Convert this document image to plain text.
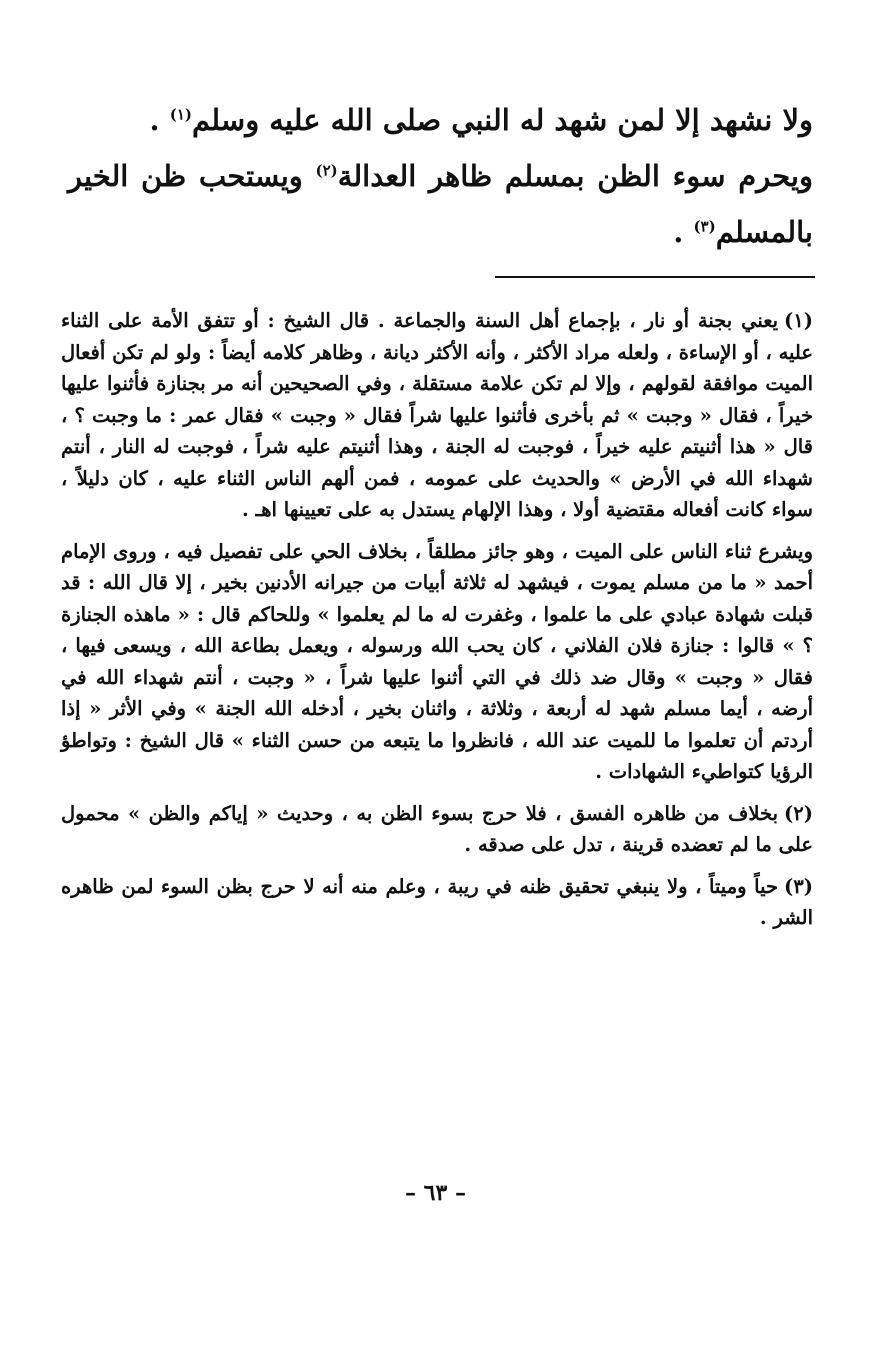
ولا نشهد إلا لمن شهد له النبي صلى الله عليه وسلم$^{(١)}$ .

ويحرم سوء الظن بمسلم ظاهر العدالة$^{(٢)}$ ويستحب ظن الخير بالمسلم$^{(٣)}$ .

(١)يعني بجنة أو نار ، بإجماع أهل السنة والجماعة . قال الشيخ : أو تتفق الأمة على الثناء عليه ، أو الإساءة ، ولعله مراد الأكثر ، وأنه الأكثر ديانة ، وظاهر كلامه أيضاً : ولو لم تكن أفعال الميت موافقة لقولهم ، وإلا لم تكن علامة مستقلة ، وفي الصحيحين أنه مر بجنازة فأثنوا عليها خيراً ، فقال « وجبت » ثم بأخرى فأثنوا عليها شراً فقال « وجبت » فقال عمر : ما وجبت ؟ ، قال « هذا أثنيتم عليه خيراً ، فوجبت له الجنة ، وهذا أثنيتم عليه شراً ، فوجبت له النار ، أنتم شهداء الله في الأرض » والحديث على عمومه ، فمن ألهم الناس الثناء عليه ، كان دليلاً ، سواء كانت أفعاله مقتضية أولا ، وهذا الإلهام يستدل به على تعيينها اهـ .

ويشرع ثناء الناس على الميت ، وهو جائز مطلقاً ، بخلاف الحي على تفصيل فيه ، وروى الإمام أحمد « ما من مسلم يموت ، فيشهد له ثلاثة أبيات من جيرانه الأدنين بخير ، إلا قال الله : قد قبلت شهادة عبادي على ما علموا ، وغفرت له ما لم يعلموا » وللحاكم قال : « ماهذه الجنازة ؟ » قالوا : جنازة فلان الفلاني ، كان يحب الله ورسوله ، ويعمل بطاعة الله ، ويسعى فيها ، فقال « وجبت » وقال ضد ذلك في التي أثنوا عليها شراً ، « وجبت ، أنتم شهداء الله في أرضه ، أيما مسلم شهد له أربعة ، وثلاثة ، واثنان بخير ، أدخله الله الجنة » وفي الأثر « إذا أردتم أن تعلموا ما للميت عند الله ، فانظروا ما يتبعه من حسن الثناء » قال الشيخ : وتواطؤ الرؤيا كتواطيء الشهادات .

(٢)بخلاف من ظاهره الفسق ، فلا حرج بسوء الظن به ، وحديث « إياكم والظن » محمول على ما لم تعضده قرينة ، تدل على صدقه .

(٣)حياً وميتاً ، ولا ينبغي تحقيق ظنه في ريبة ، وعلم منه أنه لا حرج بظن السوء لمن ظاهره الشر .

– ٦٣ –
